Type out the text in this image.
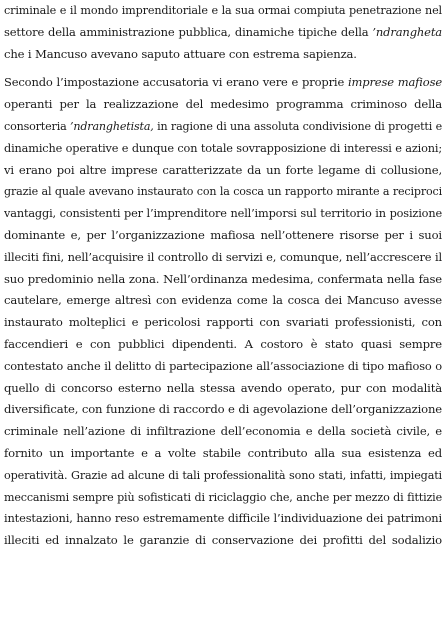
criminale e il mondo imprenditoriale e la sua ormai compiuta penetrazione nel
settore della amministrazione pubblica, dinamiche tipiche della ’ndrangheta
che i Mancuso avevano saputo attuare con estrema sapienza.
Secondo l’impostazione accusatoria vi erano vere e proprie imprese mafiose
operanti per la realizzazione del medesimo programma criminoso della
consorteria ’ndranghetista, in ragione di una assoluta condivisione di progetti e
dinamiche operative e dunque con totale sovrapposizione di interessi e azioni;
vi erano poi altre imprese caratterizzate da un forte legame di collusione,
grazie al quale avevano instaurato con la cosca un rapporto mirante a reciproci
vantaggi, consistenti per l’imprenditore nell’imporsi sul territorio in posizione
dominante e, per l’organizzazione mafiosa nell’ottenere risorse per i suoi
illeciti fini, nell’acquisire il controllo di servizi e, comunque, nell’accrescere il
suo predominio nella zona. Nell’ordinanza medesima, confermata nella fase
cautelare, emerge altresì con evidenza come la cosca dei Mancuso avesse
instaurato molteplici e pericolosi rapporti con svariati professionisti, con
faccendieri e con pubblici dipendenti. A costoro è stato quasi sempre
contestato anche il delitto di partecipazione all’associazione di tipo mafioso o
quello di concorso esterno nella stessa avendo operato, pur con modalità
diversificate, con funzione di raccordo e di agevolazione dell’organizzazione
criminale nell’azione di infiltrazione dell’economia e della società civile, e
fornito un importante e a volte stabile contributo alla sua esistenza ed
operatività. Grazie ad alcune di tali professionalità sono stati, infatti, impiegati
meccanismi sempre più sofisticati di riciclaggio che, anche per mezzo di fittizie
intestazioni, hanno reso estremamente difficile l’individuazione dei patrimoni
illeciti ed innalzato le garanzie di conservazione dei profitti del sodalizio
